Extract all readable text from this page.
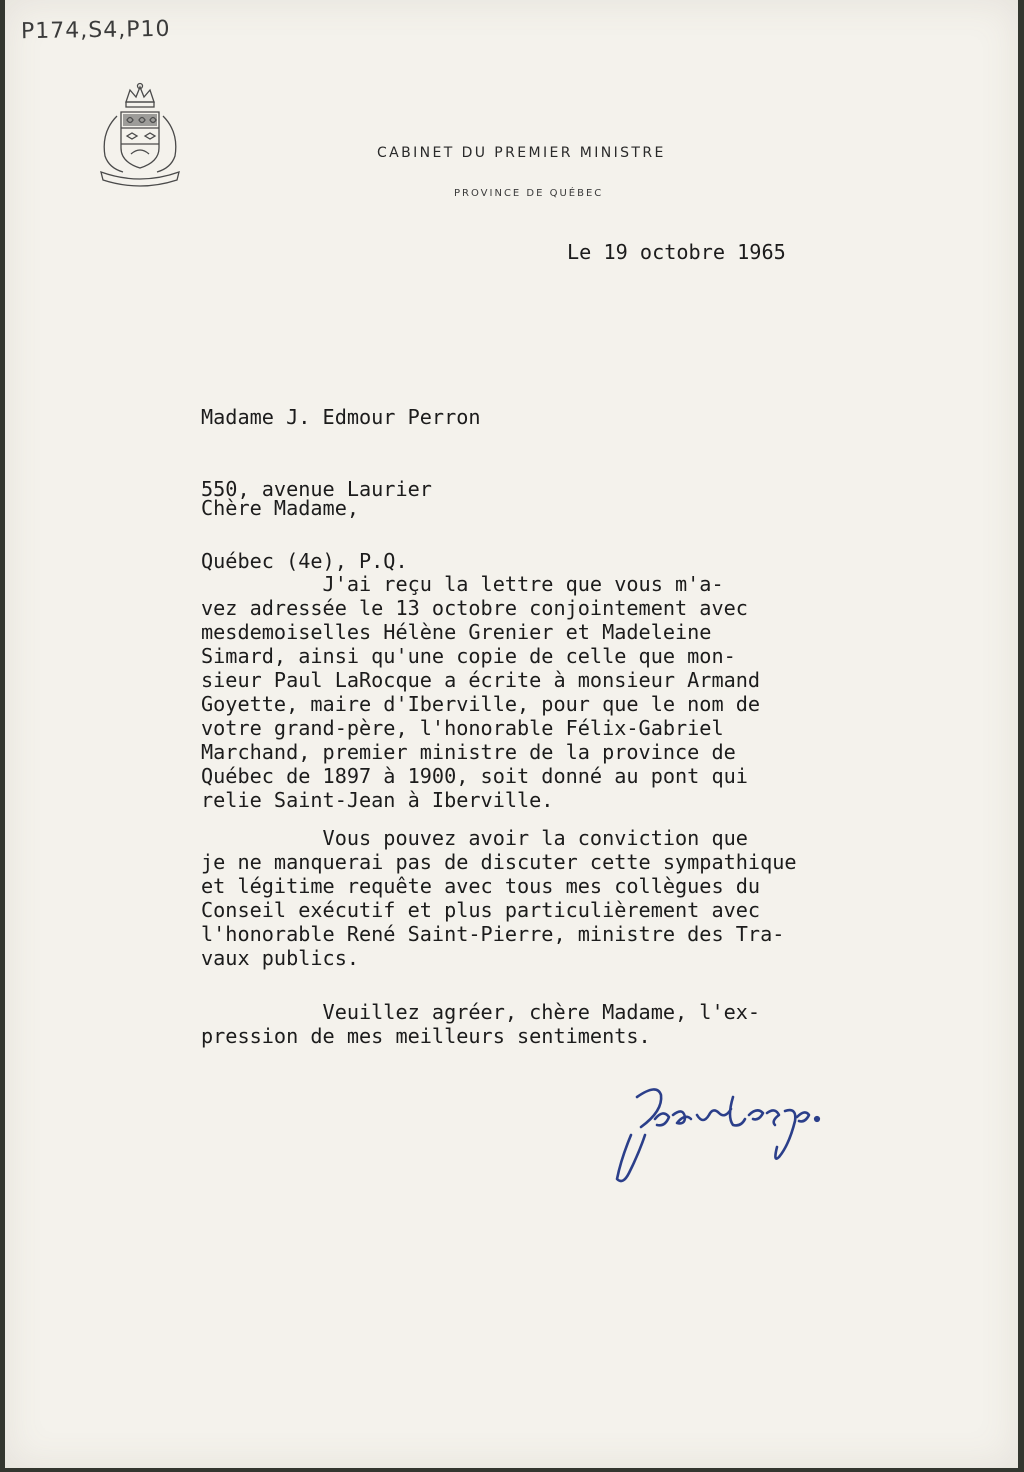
P174,S4,P10
CABINET DU PREMIER MINISTRE
PROVINCE DE QUÉBEC
Le 19 octobre 1965

Madame J. Edmour Perron

550, avenue Laurier

Québec (4e), P.Q.

Chère Madame,
J'ai reçu la lettre que vous m'a-
vez adressée le 13 octobre conjointement avec
mesdemoiselles Hélène Grenier et Madeleine
Simard, ainsi qu'une copie de celle que mon-
sieur Paul LaRocque a écrite à monsieur Armand
Goyette, maire d'Iberville, pour que le nom de
votre grand-père, l'honorable Félix-Gabriel
Marchand, premier ministre de la province de
Québec de 1897 à 1900, soit donné au pont qui
relie Saint-Jean à Iberville.
Vous pouvez avoir la conviction que
je ne manquerai pas de discuter cette sympathique
et légitime requête avec tous mes collègues du
Conseil exécutif et plus particulièrement avec
l'honorable René Saint-Pierre, ministre des Tra-
vaux publics.
Veuillez agréer, chère Madame, l'ex-
pression de mes meilleurs sentiments.
